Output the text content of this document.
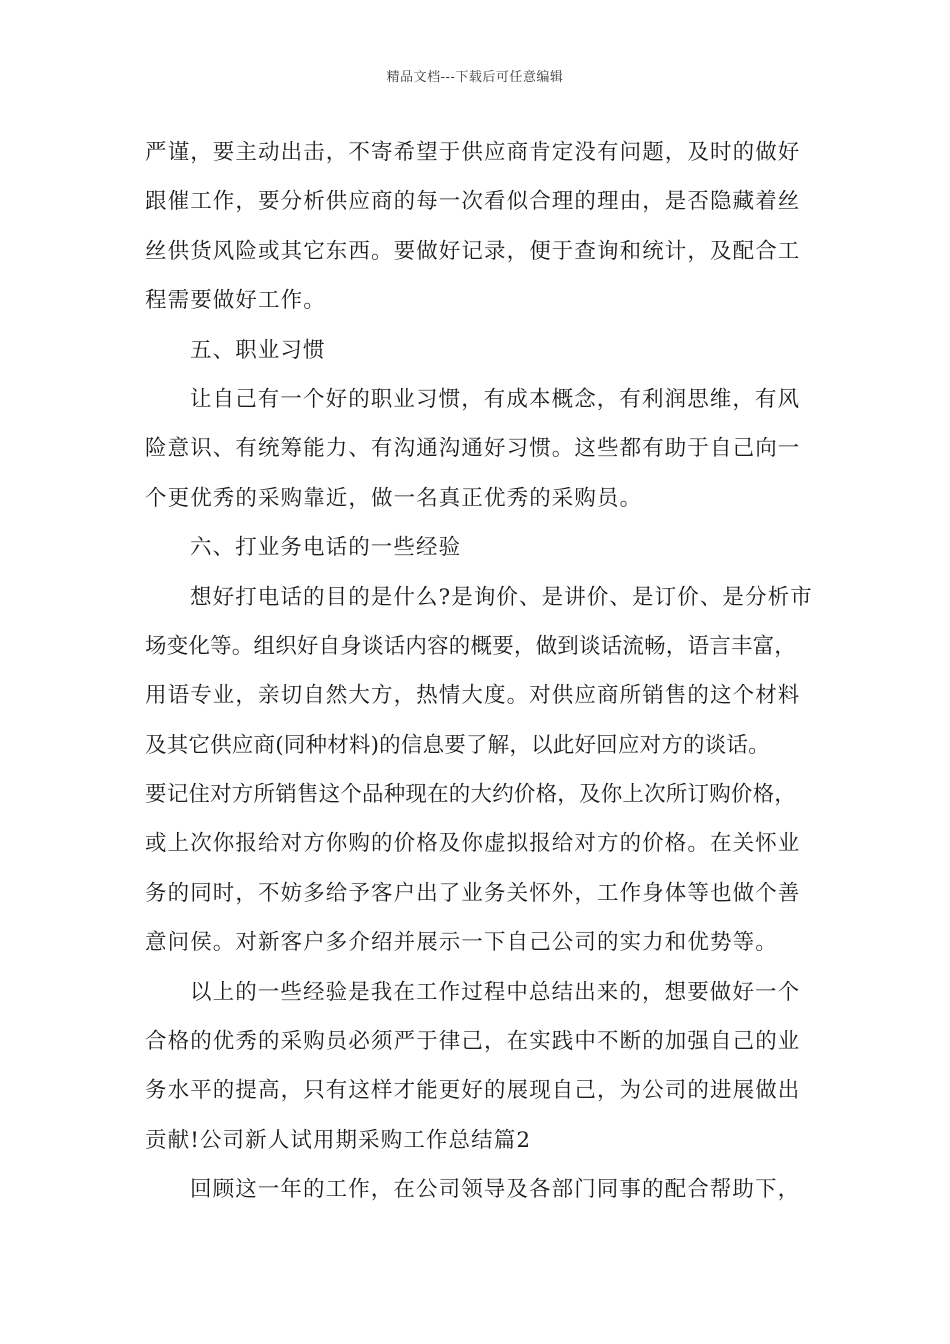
精品文档---下载后可任意编辑
严谨，要主动出击，不寄希望于供应商肯定没有问题，及时的做好
跟催工作，要分析供应商的每一次看似合理的理由，是否隐藏着丝
丝供货风险或其它东西。要做好记录，便于查询和统计，及配合工
程需要做好工作。
五、职业习惯
让自己有一个好的职业习惯，有成本概念，有利润思维，有风
险意识、有统筹能力、有沟通沟通好习惯。这些都有助于自己向一
个更优秀的采购靠近，做一名真正优秀的采购员。
六、打业务电话的一些经验
想好打电话的目的是什么?是询价、是讲价、是订价、是分析市
场变化等。组织好自身谈话内容的概要，做到谈话流畅，语言丰富，
用语专业，亲切自然大方，热情大度。对供应商所销售的这个材料
及其它供应商(同种材料)的信息要了解，以此好回应对方的谈话。
要记住对方所销售这个品种现在的大约价格，及你上次所订购价格，
或上次你报给对方你购的价格及你虚拟报给对方的价格。在关怀业
务的同时，不妨多给予客户出了业务关怀外，工作身体等也做个善
意问侯。对新客户多介绍并展示一下自己公司的实力和优势等。
以上的一些经验是我在工作过程中总结出来的，想要做好一个
合格的优秀的采购员必须严于律己，在实践中不断的加强自己的业
务水平的提高，只有这样才能更好的展现自己，为公司的进展做出
贡献!公司新人试用期采购工作总结篇2
回顾这一年的工作，在公司领导及各部门同事的配合帮助下，
